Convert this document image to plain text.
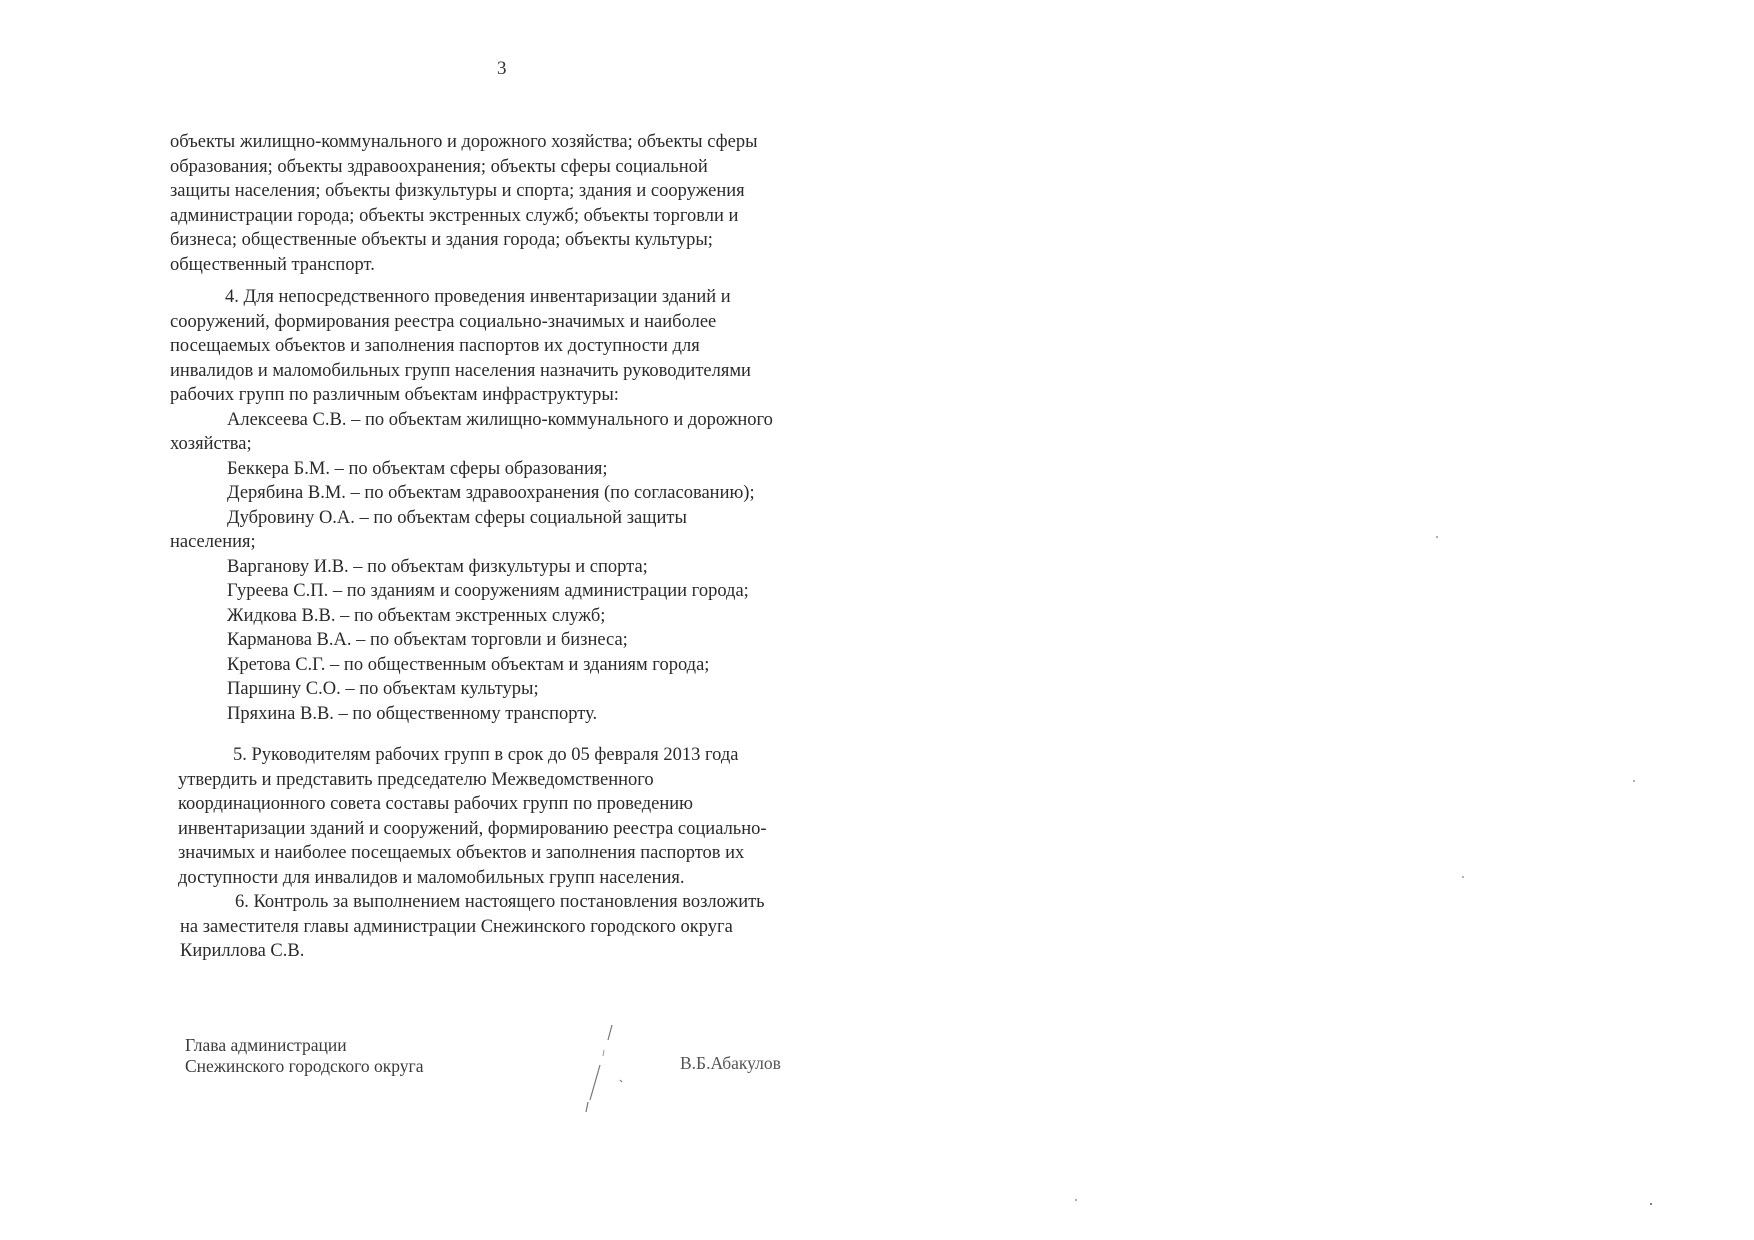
3
объекты жилищно-коммунального и дорожного хозяйства; объекты сферы
образования; объекты здравоохранения; объекты сферы социальной
защиты населения; объекты физкультуры и спорта; здания и сооружения
администрации города; объекты экстренных служб; объекты торговли и
бизнеса; общественные объекты и здания города; объекты культуры;
общественный транспорт.
4. Для непосредственного проведения инвентаризации зданий и
сооружений, формирования реестра социально-значимых и наиболее
посещаемых объектов и заполнения паспортов их доступности для
инвалидов и маломобильных групп населения назначить руководителями
рабочих групп по различным объектам инфраструктуры:
Алексеева С.В. – по объектам жилищно-коммунального и дорожного
хозяйства;
Беккера Б.М. – по объектам сферы образования;
Дерябина В.М. – по объектам здравоохранения (по согласованию);
Дубровину О.А. – по объектам сферы социальной защиты
населения;
Варганову И.В. – по объектам физкультуры и спорта;
Гуреева С.П. – по зданиям и сооружениям администрации города;
Жидкова В.В. – по объектам экстренных служб;
Карманова В.А. – по объектам торговли и бизнеса;
Кретова С.Г. – по общественным объектам и зданиям города;
Паршину С.О. – по объектам культуры;
Пряхина В.В. – по общественному транспорту.
5. Руководителям рабочих групп в срок до 05 февраля 2013 года
утвердить и представить председателю Межведомственного
координационного совета составы рабочих групп по проведению
инвентаризации зданий и сооружений, формированию реестра социально-
значимых и наиболее посещаемых объектов и заполнения паспортов их
доступности для инвалидов и маломобильных групп населения.
6. Контроль за выполнением настоящего постановления возложить
на заместителя главы администрации Снежинского городского округа
Кириллова С.В.
Глава администрации
Снежинского городского округа	В.Б.Абакулов
